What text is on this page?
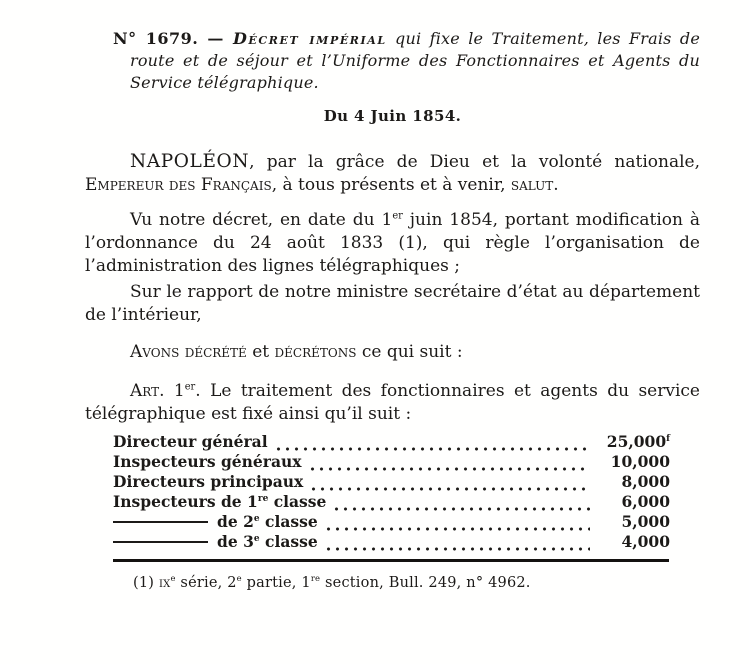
N° 1679. — Décret impérial qui fixe le Traitement, les Frais de route et de séjour et l’Uniforme des Fonctionnaires et Agents du Service télégraphique.

Du 4 Juin 1854.

NAPOLÉON, par la grâce de Dieu et la volonté nationale, Empereur des Français, à tous présents et à venir, salut.

Vu notre décret, en date du 1er juin 1854, portant modification à l’ordonnance du 24 août 1833 (1), qui règle l’organisation de l’administration des lignes télégraphiques ;

Sur le rapport de notre ministre secrétaire d’état au département de l’intérieur,

Avons décrété et décrétons ce qui suit :

Art. 1er. Le traitement des fonctionnaires et agents du service télégraphique est fixé ainsi qu’il suit :

Directeur général	25,000$^f$
Inspecteurs généraux	10,000
Directeurs principaux	8,000
Inspecteurs de 1re classe	6,000
de 2e classe	5,000
de 3e classe	4,000

(1) $ix^e$ série, 2e partie, 1re section, Bull. 249, n° 4962.
